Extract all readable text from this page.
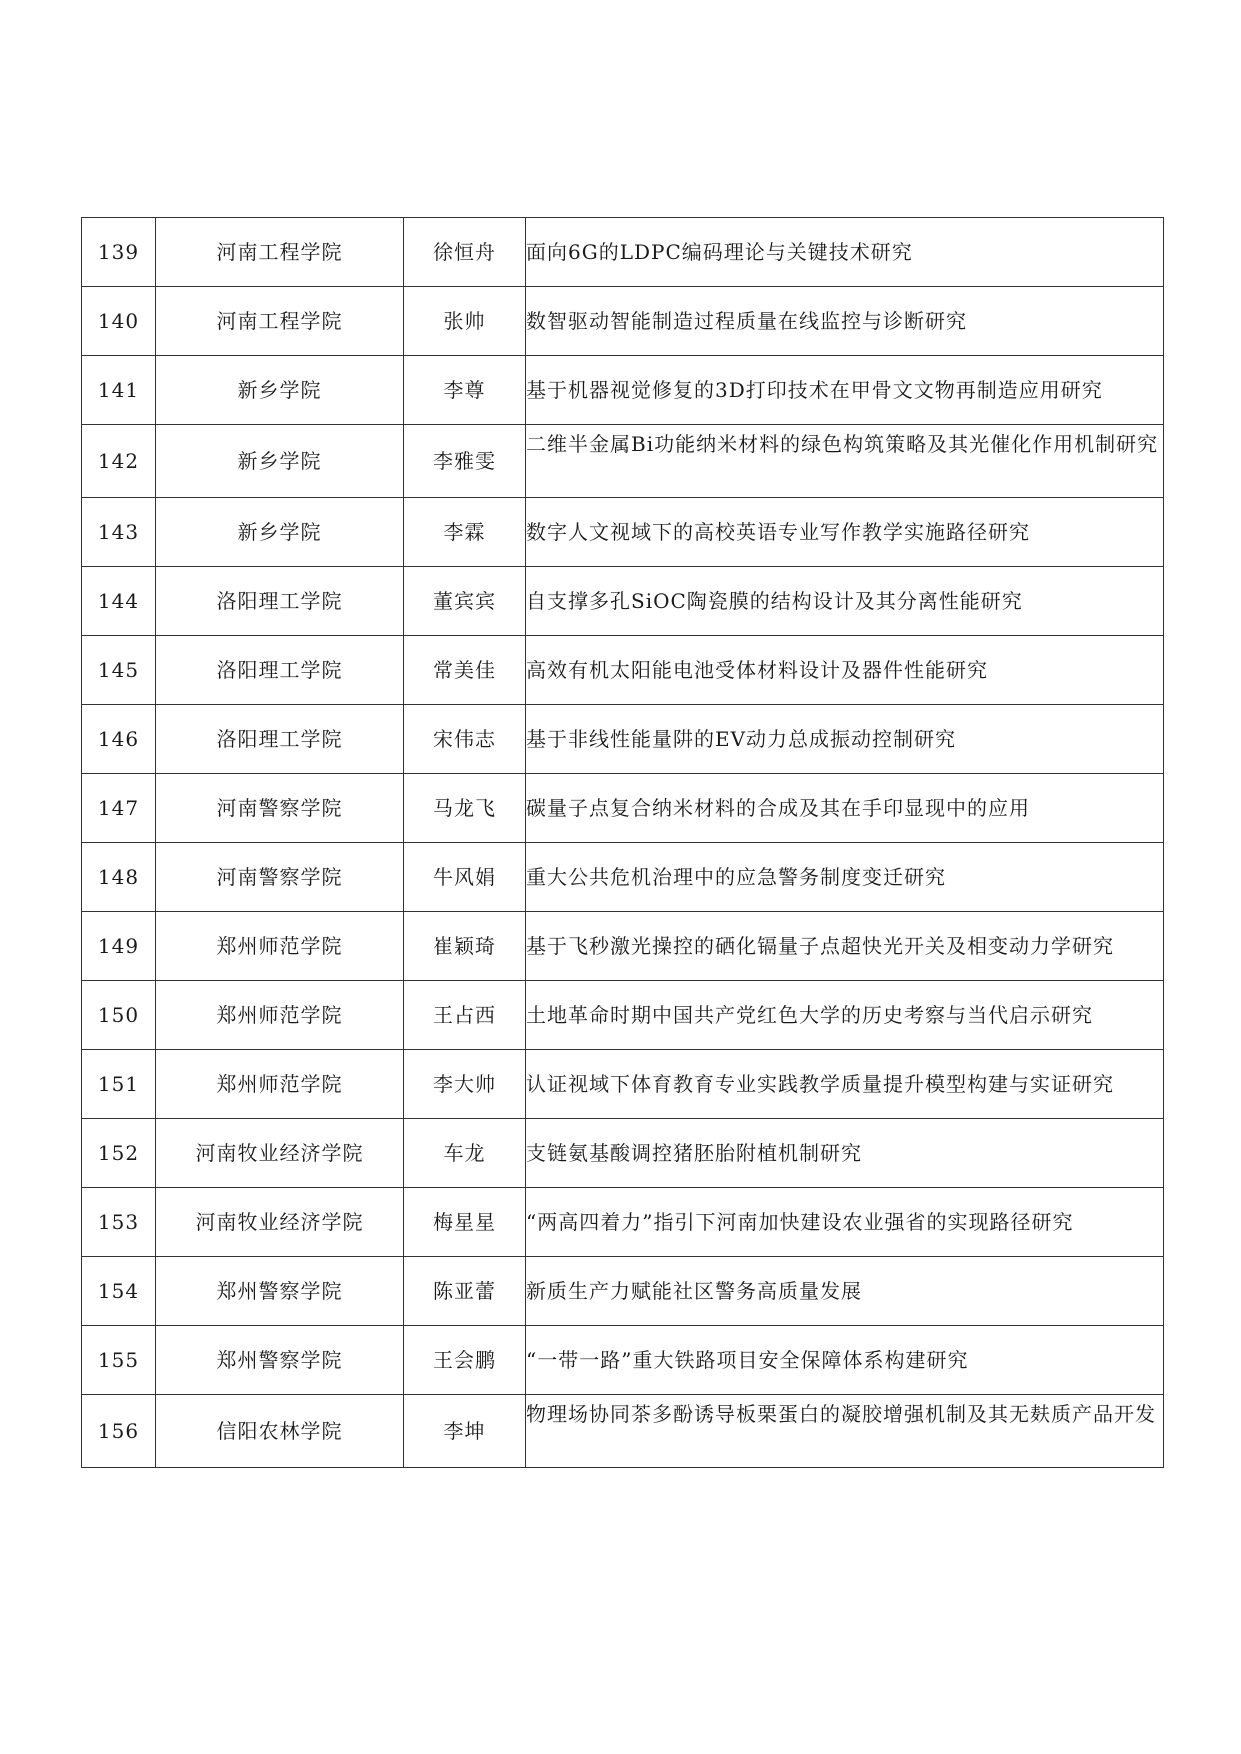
139	河南工程学院	徐恒舟	面向6G的LDPC编码理论与关键技术研究
140	河南工程学院	张帅	数智驱动智能制造过程质量在线监控与诊断研究
141	新乡学院	李尊	基于机器视觉修复的3D打印技术在甲骨文文物再制造应用研究
142	新乡学院	李雅雯	二维半金属Bi功能纳米材料的绿色构筑策略及其光催化作用机制研究
143	新乡学院	李霖	数字人文视域下的高校英语专业写作教学实施路径研究
144	洛阳理工学院	董宾宾	自支撑多孔SiOC陶瓷膜的结构设计及其分离性能研究
145	洛阳理工学院	常美佳	高效有机太阳能电池受体材料设计及器件性能研究
146	洛阳理工学院	宋伟志	基于非线性能量阱的EV动力总成振动控制研究
147	河南警察学院	马龙飞	碳量子点复合纳米材料的合成及其在手印显现中的应用
148	河南警察学院	牛风娟	重大公共危机治理中的应急警务制度变迁研究
149	郑州师范学院	崔颖琦	基于飞秒激光操控的硒化镉量子点超快光开关及相变动力学研究
150	郑州师范学院	王占西	土地革命时期中国共产党红色大学的历史考察与当代启示研究
151	郑州师范学院	李大帅	认证视域下体育教育专业实践教学质量提升模型构建与实证研究
152	河南牧业经济学院	车龙	支链氨基酸调控猪胚胎附植机制研究
153	河南牧业经济学院	梅星星	“两高四着力”指引下河南加快建设农业强省的实现路径研究
154	郑州警察学院	陈亚蕾	新质生产力赋能社区警务高质量发展
155	郑州警察学院	王会鹏	“一带一路”重大铁路项目安全保障体系构建研究
156	信阳农林学院	李坤	物理场协同茶多酚诱导板栗蛋白的凝胶增强机制及其无麸质产品开发
